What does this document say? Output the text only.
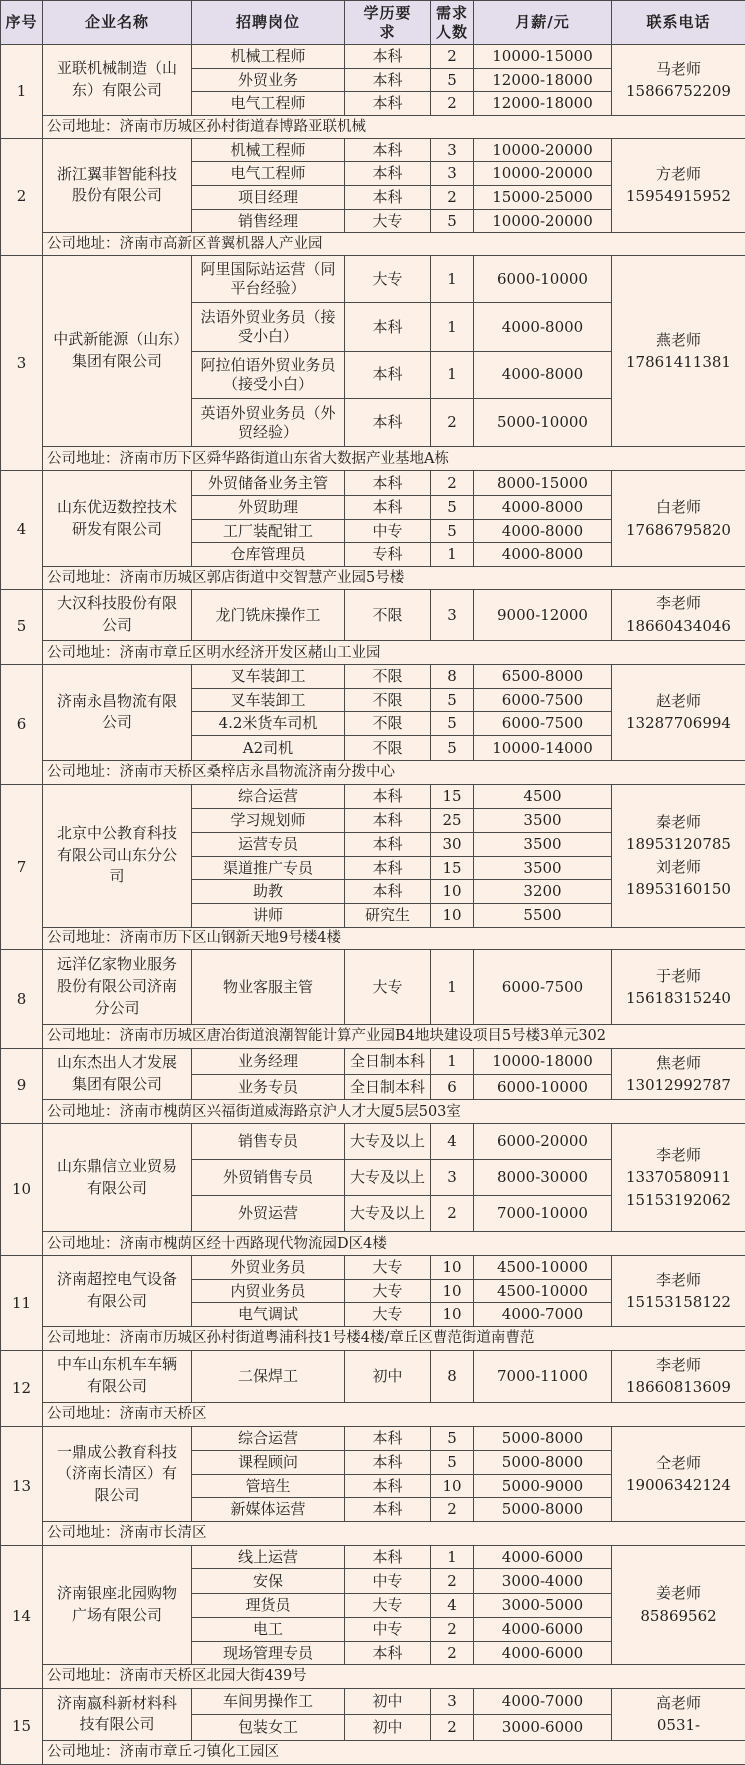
序号	企业名称	招聘岗位	学历要求	需求人数	月薪/元	联系电话
1	亚联机械制造（山东）有限公司	机械工程师	本科	2	10000-15000	马老师
15866752209

		外贸业务	本科	5	12000-18000	
		电气工程师	本科	2	12000-18000	
	公司地址：济南市历城区孙村街道春博路亚联机械					
2	浙江翼菲智能科技股份有限公司	机械工程师	本科	3	10000-20000	方老师
15954915952

		电气工程师	本科	3	10000-20000	
		项目经理	本科	2	15000-25000	
		销售经理	大专	5	10000-20000	
	公司地址：济南市高新区普翼机器人产业园					
3	中武新能源（山东）集团有限公司	阿里国际站运营（同平台经验）	大专	1	6000-10000	燕老师
17861411381

		法语外贸业务员（接受小白）	本科	1	4000-8000	
		阿拉伯语外贸业务员（接受小白）	本科	1	4000-8000	
		英语外贸业务员（外贸经验）	本科	2	5000-10000	
	公司地址：济南市历下区舜华路街道山东省大数据产业基地A栋					
4	山东优迈数控技术研发有限公司	外贸储备业务主管	本科	2	8000-15000	白老师
17686795820

		外贸助理	本科	5	4000-8000	
		工厂装配钳工	中专	5	4000-8000	
		仓库管理员	专科	1	4000-8000	
	公司地址：济南市历城区郭店街道中交智慧产业园5号楼					
5	大汉科技股份有限公司	龙门铣床操作工	不限	3	9000-12000	李老师
18660434046

	公司地址：济南市章丘区明水经济开发区赭山工业园					
6	济南永昌物流有限公司	叉车装卸工	不限	8	6500-8000	赵老师
13287706994

		叉车装卸工	不限	5	6000-7500	
		4.2米货车司机	不限	5	6000-7500	
		A2司机	不限	5	10000-14000	
	公司地址：济南市天桥区桑梓店永昌物流济南分拨中心					
7	北京中公教育科技有限公司山东分公司	综合运营	本科	15	4500	秦老师
18953120785
刘老师
18953160150

		学习规划师	本科	25	3500	
		运营专员	本科	30	3500	
		渠道推广专员	本科	15	3500	
		助教	本科	10	3200	
		讲师	研究生	10	5500	
	公司地址：济南市历下区山钢新天地9号楼4楼					
8	远洋亿家物业服务股份有限公司济南分公司	物业客服主管	大专	1	6000-7500	于老师
15618315240

	公司地址：济南市历城区唐冶街道浪潮智能计算产业园B4地块建设项目5号楼3单元302					
9	山东杰出人才发展集团有限公司	业务经理	全日制本科	1	10000-18000	焦老师
13012992787

		业务专员	全日制本科	6	6000-10000	
	公司地址：济南市槐荫区兴福街道威海路京沪人才大厦5层503室					
10	山东鼎信立业贸易有限公司	销售专员	大专及以上	4	6000-20000	李老师
13370580911
15153192062

		外贸销售专员	大专及以上	3	8000-30000	
		外贸运营	大专及以上	2	7000-10000	
	公司地址：济南市槐荫区经十西路现代物流园D区4楼					
11	济南超控电气设备有限公司	外贸业务员	大专	10	4500-10000	李老师
15153158122

		内贸业务员	大专	10	4500-10000	
		电气调试	大专	10	4000-7000	
	公司地址：济南市历城区孙村街道粤浦科技1号楼4楼/章丘区曹范街道南曹范					
12	中车山东机车车辆有限公司	二保焊工	初中	8	7000-11000	李老师
18660813609

	公司地址：济南市天桥区					
13	一鼎成公教育科技（济南长清区）有限公司	综合运营	本科	5	5000-8000	仝老师
19006342124

		课程顾问	本科	5	5000-8000	
		管培生	本科	10	5000-9000	
		新媒体运营	本科	2	5000-8000	
	公司地址：济南市长清区					
14	济南银座北园购物广场有限公司	线上运营	本科	1	4000-6000	姜老师
85869562

		安保	中专	2	3000-4000	
		理货员	大专	4	3000-5000	
		电工	中专	2	4000-6000	
		现场管理专员	本科	2	4000-6000	
	公司地址：济南市天桥区北园大街439号					
15	济南嬴科新材料科技有限公司	车间男操作工	初中	3	4000-7000	高老师
0531-

		包装女工	初中	2	3000-6000	
	公司地址：济南市章丘刁镇化工园区					
